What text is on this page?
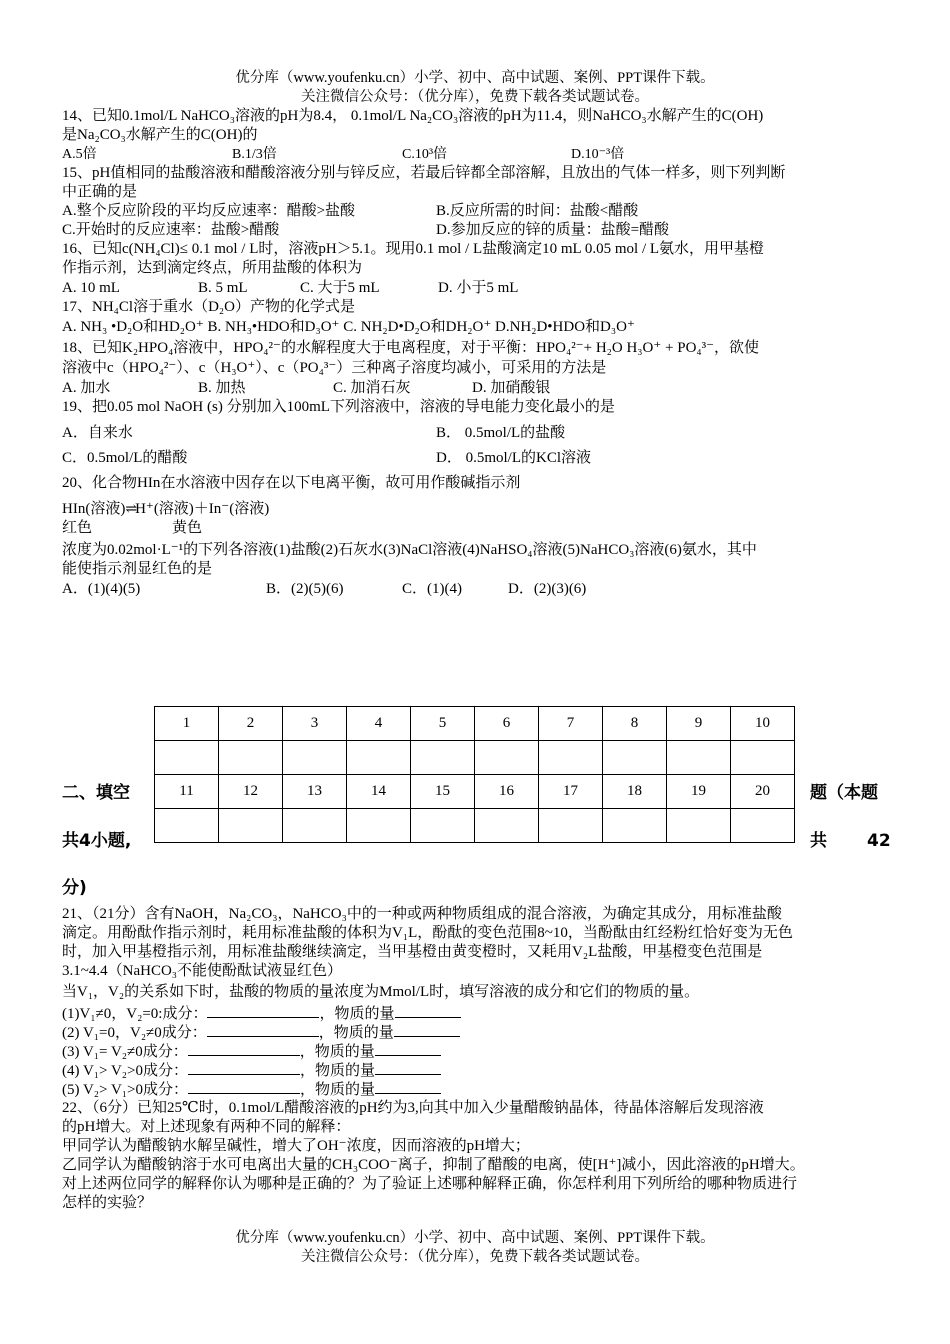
优分库（www.youfenku.cn）小学、初中、高中试题、案例、PPT课件下载。
关注微信公众号：（优分库），免费下载各类试题试卷。
14、已知0.1mol/L NaHCO₃溶液的pH为8.4， 0.1mol/L Na₂CO₃溶液的pH为11.4，则NaHCO₃水解产生的C(OH)
是Na₂CO₃水解产生的C(OH)的
A.5倍	B.1/3倍	C.10³倍	D.10⁻³倍
15、pH值相同的盐酸溶液和醋酸溶液分别与锌反应，若最后锌都全部溶解，且放出的气体一样多，则下列判断
中正确的是
A.整个反应阶段的平均反应速率：醋酸>盐酸	B.反应所需的时间：盐酸<醋酸
C.开始时的反应速率：盐酸>醋酸	D.参加反应的锌的质量：盐酸=醋酸
16、已知c(NH₄Cl)≤ 0.1 mol / L时，溶液pH＞5.1。现用0.1 mol / L盐酸滴定10 mL 0.05 mol / L氨水，用甲基橙
作指示剂，达到滴定终点，所用盐酸的体积为
A. 10 mL	B. 5 mL	C. 大于5 mL	D. 小于5 mL
17、NH₄Cl溶于重水（D₂O）产物的化学式是
A. NH₃ •D₂O和HD₂O⁺ B. NH₃•HDO和D₃O⁺ C. NH₂D•D₂O和DH₂O⁺ D.NH₂D•HDO和D₃O⁺
18、已知K₂HPO₄溶液中，HPO₄²⁻的水解程度大于电离程度，对于平衡：HPO₄²⁻+ H₂O H₃O⁺ + PO₄³⁻，欲使
溶液中c（HPO₄²⁻）、c（H₃O⁺）、c（PO₄³⁻）三种离子溶度均减小，可采用的方法是
A. 加水	B. 加热	C. 加消石灰	D. 加硝酸银
19、把0.05 mol NaOH (s) 分别加入100mL下列溶液中，溶液的导电能力变化最小的是
A．自来水	B． 0.5mol/L的盐酸
C．0.5mol/L的醋酸	D． 0.5mol/L的KCl溶液
20、化合物HIn在水溶液中因存在以下电离平衡，故可用作酸碱指示剂
HIn(溶液)⇌H⁺(溶液)＋In⁻(溶液)
红色	黄色
浓度为0.02mol·L⁻¹的下列各溶液(1)盐酸(2)石灰水(3)NaCl溶液(4)NaHSO₄溶液(5)NaHCO₃溶液(6)氨水，其中
能使指示剂显红色的是
A．(1)(4)(5)	B．(2)(5)(6)	C．(1)(4)	D．(2)(3)(6)
1	2	3	4	5	6	7	8	9	10

11	12	13	14	15	16	17	18	19	20

二、填空
共4小题,
题（本题
共 42
分)
21、（21分）含有NaOH，Na₂CO₃，NaHCO₃中的一种或两种物质组成的混合溶液，为确定其成分，用标准盐酸
滴定。用酚酞作指示剂时，耗用标准盐酸的体积为V₁L，酚酞的变色范围8~10，当酚酞由红经粉红恰好变为无色
时，加入甲基橙指示剂，用标准盐酸继续滴定，当甲基橙由黄变橙时，又耗用V₂L盐酸，甲基橙变色范围是
3.1~4.4（NaHCO₃不能使酚酞试液显红色）
当V₁，V₂的关系如下时，盐酸的物质的量浓度为Mmol/L时，填写溶液的成分和它们的物质的量。
(1)V₁≠0，V₂=0:成分：	，物质的量
(2) V₁=0，V₂≠0成分：	，物质的量
(3) V₁= V₂≠0成分：	，物质的量
(4) V₁> V₂>0成分：	，物质的量
(5) V₂> V₁>0成分：	，物质的量
22、（6分）已知25℃时，0.1mol/L醋酸溶液的pH约为3,向其中加入少量醋酸钠晶体，待晶体溶解后发现溶液
的pH增大。对上述现象有两种不同的解释：
甲同学认为醋酸钠水解呈碱性，增大了OH⁻浓度，因而溶液的pH增大；
乙同学认为醋酸钠溶于水可电离出大量的CH₃COO⁻离子，抑制了醋酸的电离，使[H⁺]减小，因此溶液的pH增大。
对上述两位同学的解释你认为哪种是正确的？为了验证上述哪种解释正确，你怎样利用下列所给的哪种物质进行
怎样的实验？
优分库（www.youfenku.cn）小学、初中、高中试题、案例、PPT课件下载。
关注微信公众号：（优分库），免费下载各类试题试卷。
